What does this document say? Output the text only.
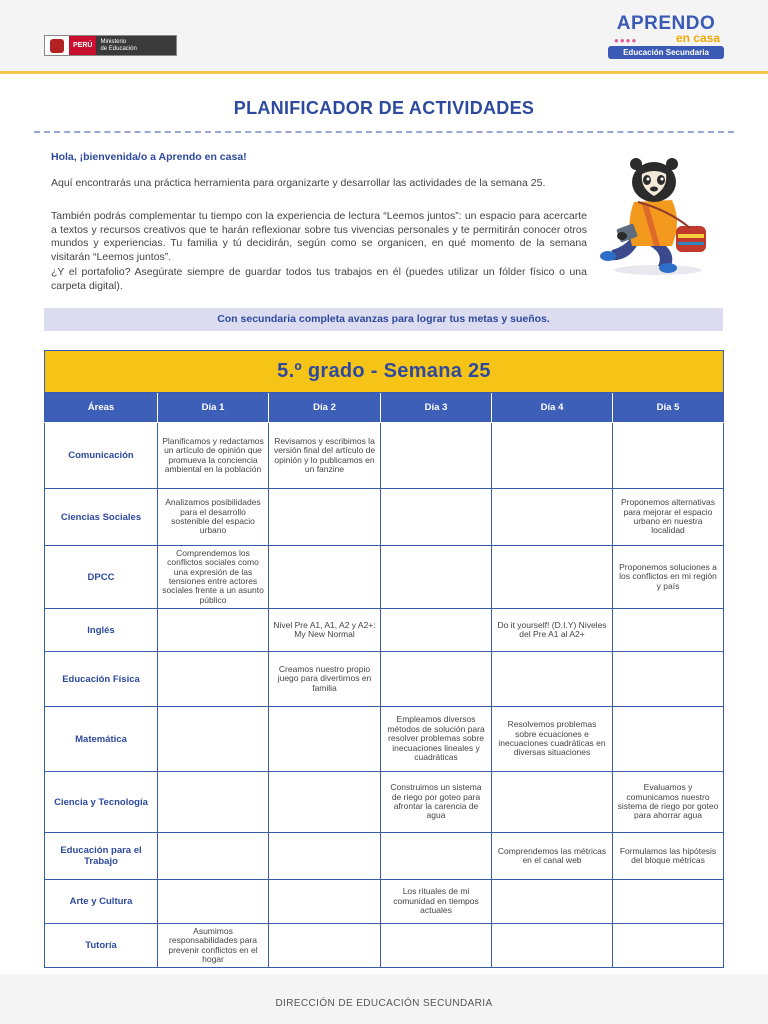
PERÚ
Ministerio
de Educación
APRENDO
●●●●	en casa
Educación Secundaria
PLANIFICADOR DE ACTIVIDADES
Hola, ¡bienvenida/o a Aprendo en casa!

Aquí encontrarás una práctica herramienta para organizarte y desarrollar las actividades de la semana 25.

También podrás complementar tu tiempo con la experiencia de lectura “Leemos juntos”: un espacio para acercarte a textos y recursos creativos que te harán reflexionar sobre tus vivencias personales y te permitirán conocer otros mundos y experiencias. Tu familia y tú decidirán, según como se organicen, en qué momento de la semana visitarán “Leemos juntos”.

¿Y el portafolio? Asegúrate siempre de guardar todos tus trabajos en él (puedes utilizar un fólder físico o una carpeta digital).

Con secundaria completa avanzas para lograr tus metas y sueños.
5.º grado - Semana 25					
Áreas	Día 1	Día 2	Día 3	Día 4	Día 5
Comunicación	Planificamos y redactamos un artículo de opinión que promueva la conciencia ambiental en la población	Revisamos y escribimos la versión final del artículo de opinión y lo publicamos en un fanzine			
Ciencias Sociales	Analizamos posibilidades para el desarrollo sostenible del espacio urbano				Proponemos alternativas para mejorar el espacio urbano en nuestra localidad
DPCC	Comprendemos los conflictos sociales como una expresión de las tensiones entre actores sociales frente a un asunto público				Proponemos soluciones a los conflictos en mi región y país
Inglés		Nivel Pre A1, A1, A2 y A2+: My New Normal		Do it yourself! (D.I.Y) Niveles del Pre A1 al A2+	
Educación Física		Creamos nuestro propio juego para divertirnos en familia			
Matemática			Empleamos diversos métodos de solución para resolver problemas sobre inecuaciones lineales y cuadráticas	Resolvemos problemas sobre ecuaciones e inecuaciones cuadráticas en diversas situaciones	
Ciencia y Tecnología			Construimos un sistema de riego por goteo para afrontar la carencia de agua		Evaluamos y comunicamos nuestro sistema de riego por goteo para ahorrar agua
Educación para el Trabajo				Comprendemos las métricas en el canal web	Formulamos las hipótesis del bloque métricas
Arte y Cultura			Los rituales de mi comunidad en tiempos actuales		
Tutoría	Asumimos responsabilidades para prevenir conflictos en el hogar				
DIRECCIÓN DE EDUCACIÓN SECUNDARIA
